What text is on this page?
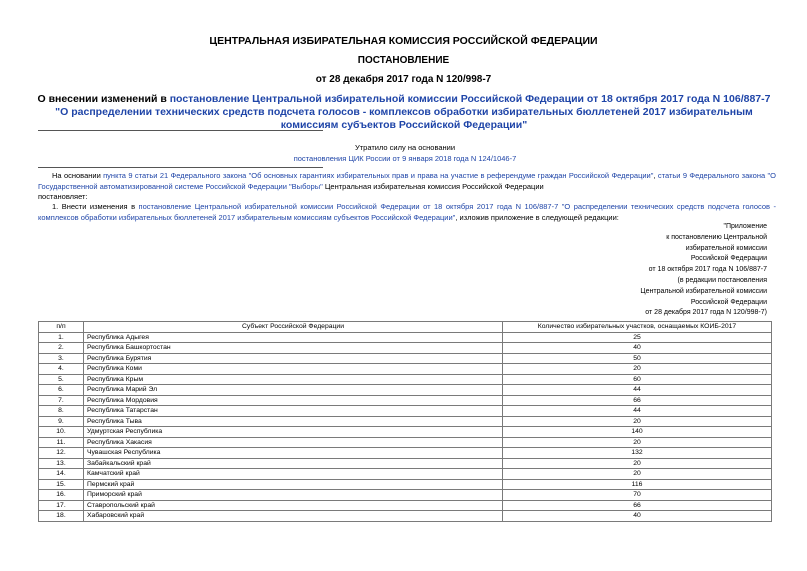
ЦЕНТРАЛЬНАЯ ИЗБИРАТЕЛЬНАЯ КОМИССИЯ РОССИЙСКОЙ ФЕДЕРАЦИИ
ПОСТАНОВЛЕНИЕ
от 28 декабря 2017 года N 120/998-7
О внесении изменений в постановление Центральной избирательной комиссии Российской Федерации от 18 октября 2017 года N 106/887-7 "О распределении технических средств подсчета голосов - комплексов обработки избирательных бюллетеней 2017 избирательным комиссиям субъектов Российской Федерации"
Утратило силу на основании
постановления ЦИК России от 9 января 2018 года N 124/1046-7
На основании пункта 9 статьи 21 Федерального закона "Об основных гарантиях избирательных прав и права на участие в референдуме граждан Российской Федерации", статьи 9 Федерального закона "О Государственной автоматизированной системе Российской Федерации "Выборы" Центральная избирательная комиссия Российской Федерации
постановляет:
1. Внести изменения в постановление Центральной избирательной комиссии Российской Федерации от 18 октября 2017 года N 106/887-7 "О распределении технических средств подсчета голосов - комплексов обработки избирательных бюллетеней 2017 избирательным комиссиям субъектов Российской Федерации", изложив приложение в следующей редакции:
"Приложение
к постановлению Центральной
избирательной комиссии
Российской Федерации
от 18 октября 2017 года N 106/887-7
(в редакции постановления
Центральной избирательной комиссии
Российской Федерации
от 28 декабря 2017 года N 120/998-7)
п/п	Субъект Российской Федерации	Количество избирательных участков, оснащаемых КОИБ-2017
1.	Республика Адыгея	25
2.	Республика Башкортостан	40
3.	Республика Бурятия	50
4.	Республика Коми	20
5.	Республика Крым	60
6.	Республика Марий Эл	44
7.	Республика Мордовия	66
8.	Республика Татарстан	44
9.	Республика Тыва	20
10.	Удмуртская Республика	140
11.	Республика Хакасия	20
12.	Чувашская Республика	132
13.	Забайкальский край	20
14.	Камчатский край	20
15.	Пермский край	116
16.	Приморский край	70
17.	Ставропольский край	66
18.	Хабаровский край	40
